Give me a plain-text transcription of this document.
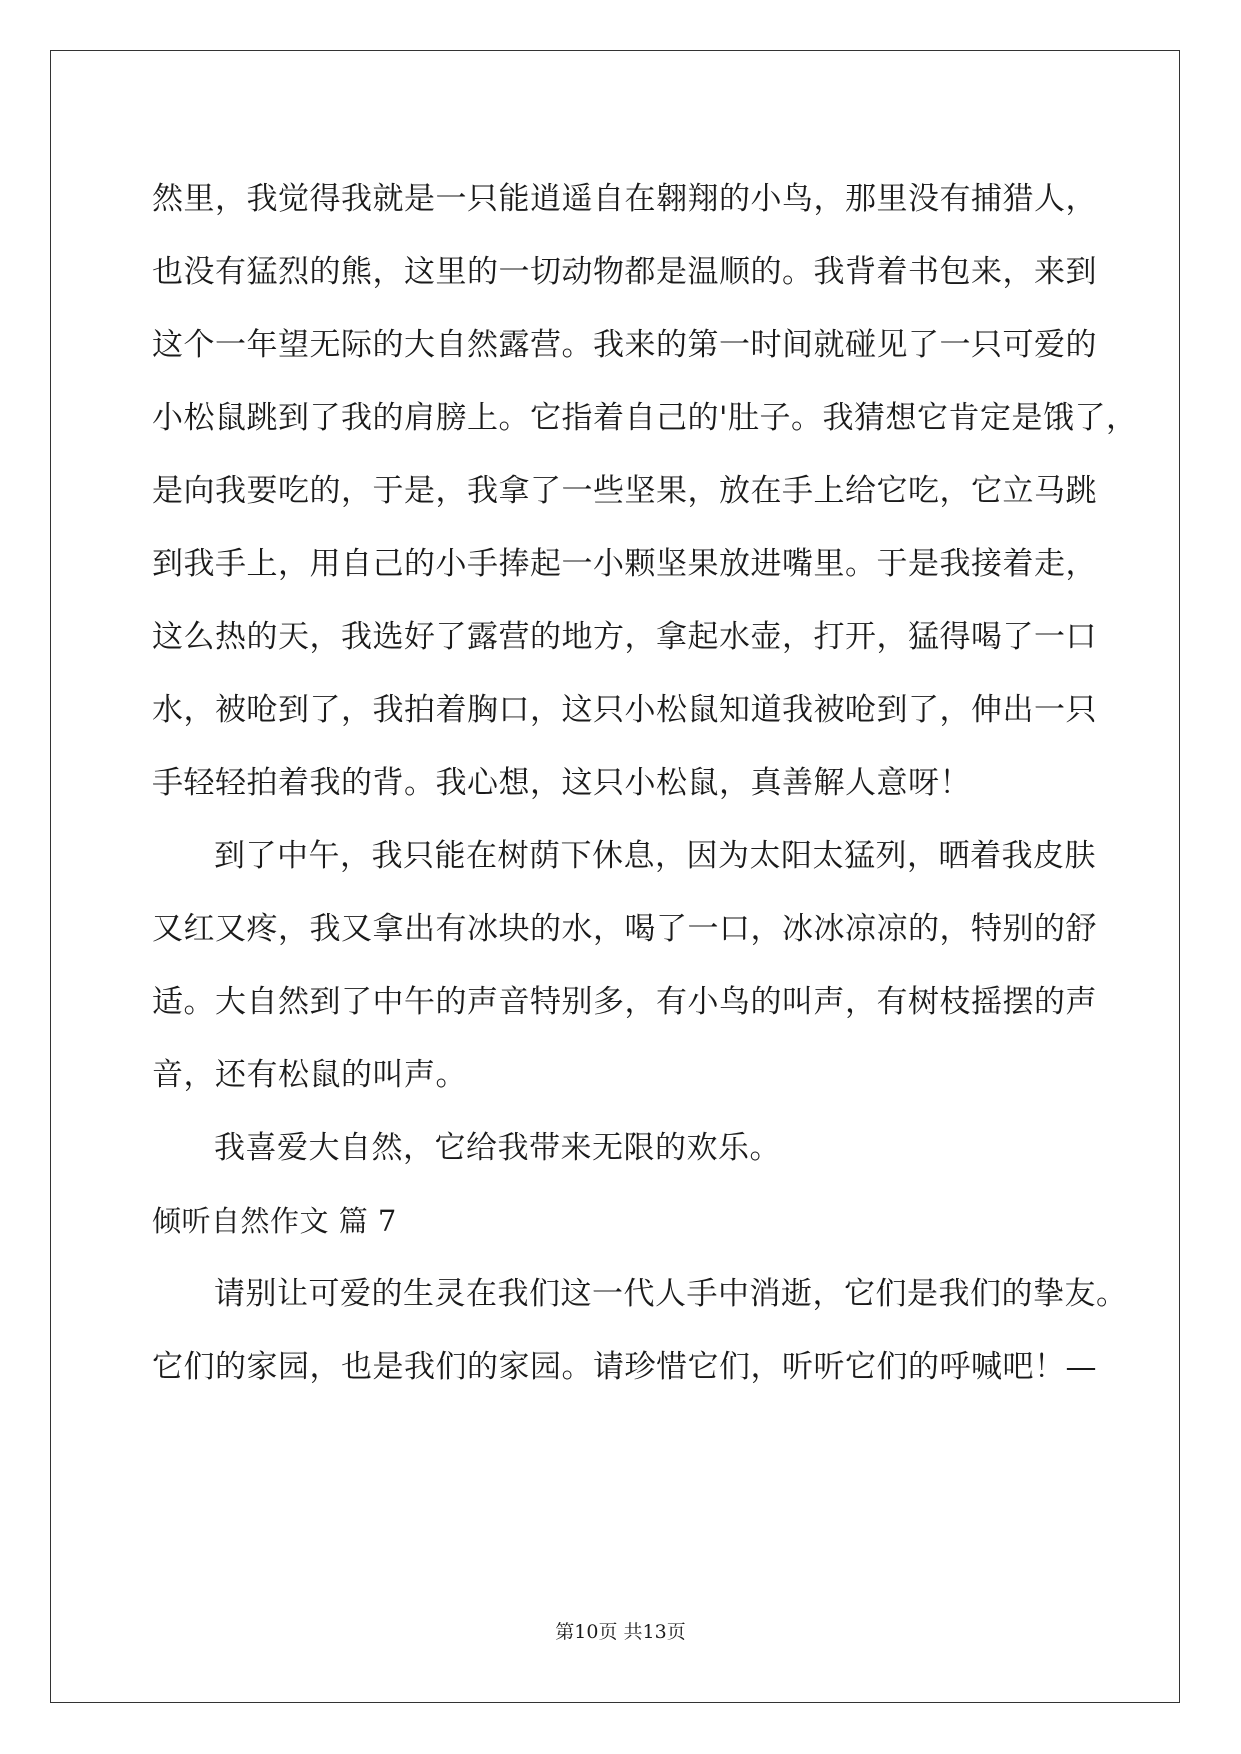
然里，我觉得我就是一只能逍遥自在翱翔的小鸟，那里没有捕猎人，
也没有猛烈的熊，这里的一切动物都是温顺的。我背着书包来，来到
这个一年望无际的大自然露营。我来的第一时间就碰见了一只可爱的
小松鼠跳到了我的肩膀上。它指着自己的'肚子。我猜想它肯定是饿了，
是向我要吃的，于是，我拿了一些坚果，放在手上给它吃，它立马跳
到我手上，用自己的小手捧起一小颗坚果放进嘴里。于是我接着走，
这么热的天，我选好了露营的地方，拿起水壶，打开，猛得喝了一口
水，被呛到了，我拍着胸口，这只小松鼠知道我被呛到了，伸出一只
手轻轻拍着我的背。我心想，这只小松鼠，真善解人意呀！
到了中午，我只能在树荫下休息，因为太阳太猛列，晒着我皮肤
又红又疼，我又拿出有冰块的水，喝了一口，冰冰凉凉的，特别的舒
适。大自然到了中午的声音特别多，有小鸟的叫声，有树枝摇摆的声
音，还有松鼠的叫声。
我喜爱大自然，它给我带来无限的欢乐。
倾听自然作文 篇 7
请别让可爱的生灵在我们这一代人手中消逝，它们是我们的挚友。
它们的家园，也是我们的家园。请珍惜它们，听听它们的呼喊吧！—
第10页 共13页
